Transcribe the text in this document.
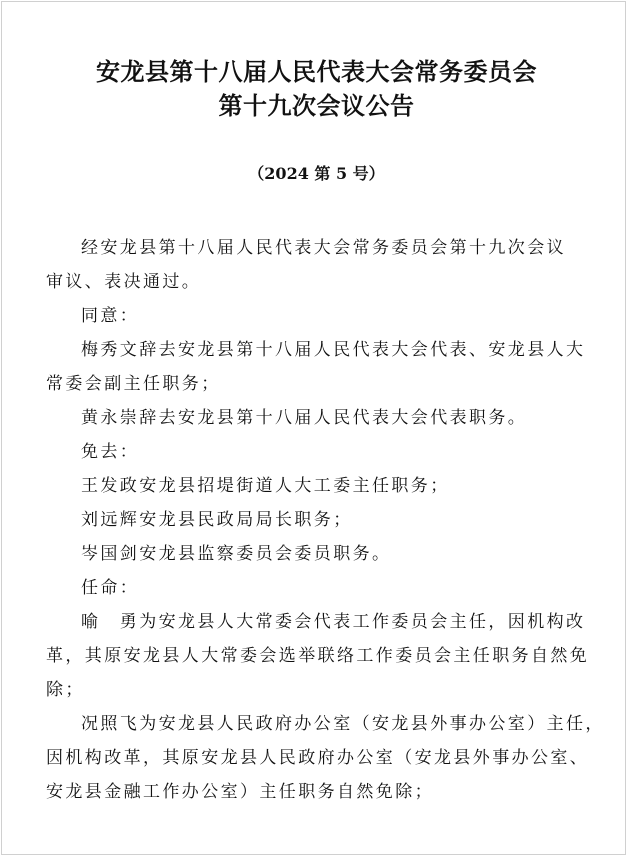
安龙县第十八届人民代表大会常务委员会
第十九次会议公告
（2024 第 5 号）
经安龙县第十八届人民代表大会常务委员会第十九次会议
审议、表决通过。
同意：
梅秀文辞去安龙县第十八届人民代表大会代表、安龙县人大
常委会副主任职务；
黄永崇辞去安龙县第十八届人民代表大会代表职务。
免去：
王发政安龙县招堤街道人大工委主任职务；
刘远辉安龙县民政局局长职务；
岑国剑安龙县监察委员会委员职务。
任命：
喻　勇为安龙县人大常委会代表工作委员会主任，因机构改
革，其原安龙县人大常委会选举联络工作委员会主任职务自然免
除；
况照飞为安龙县人民政府办公室（安龙县外事办公室）主任，
因机构改革，其原安龙县人民政府办公室（安龙县外事办公室、
安龙县金融工作办公室）主任职务自然免除；
